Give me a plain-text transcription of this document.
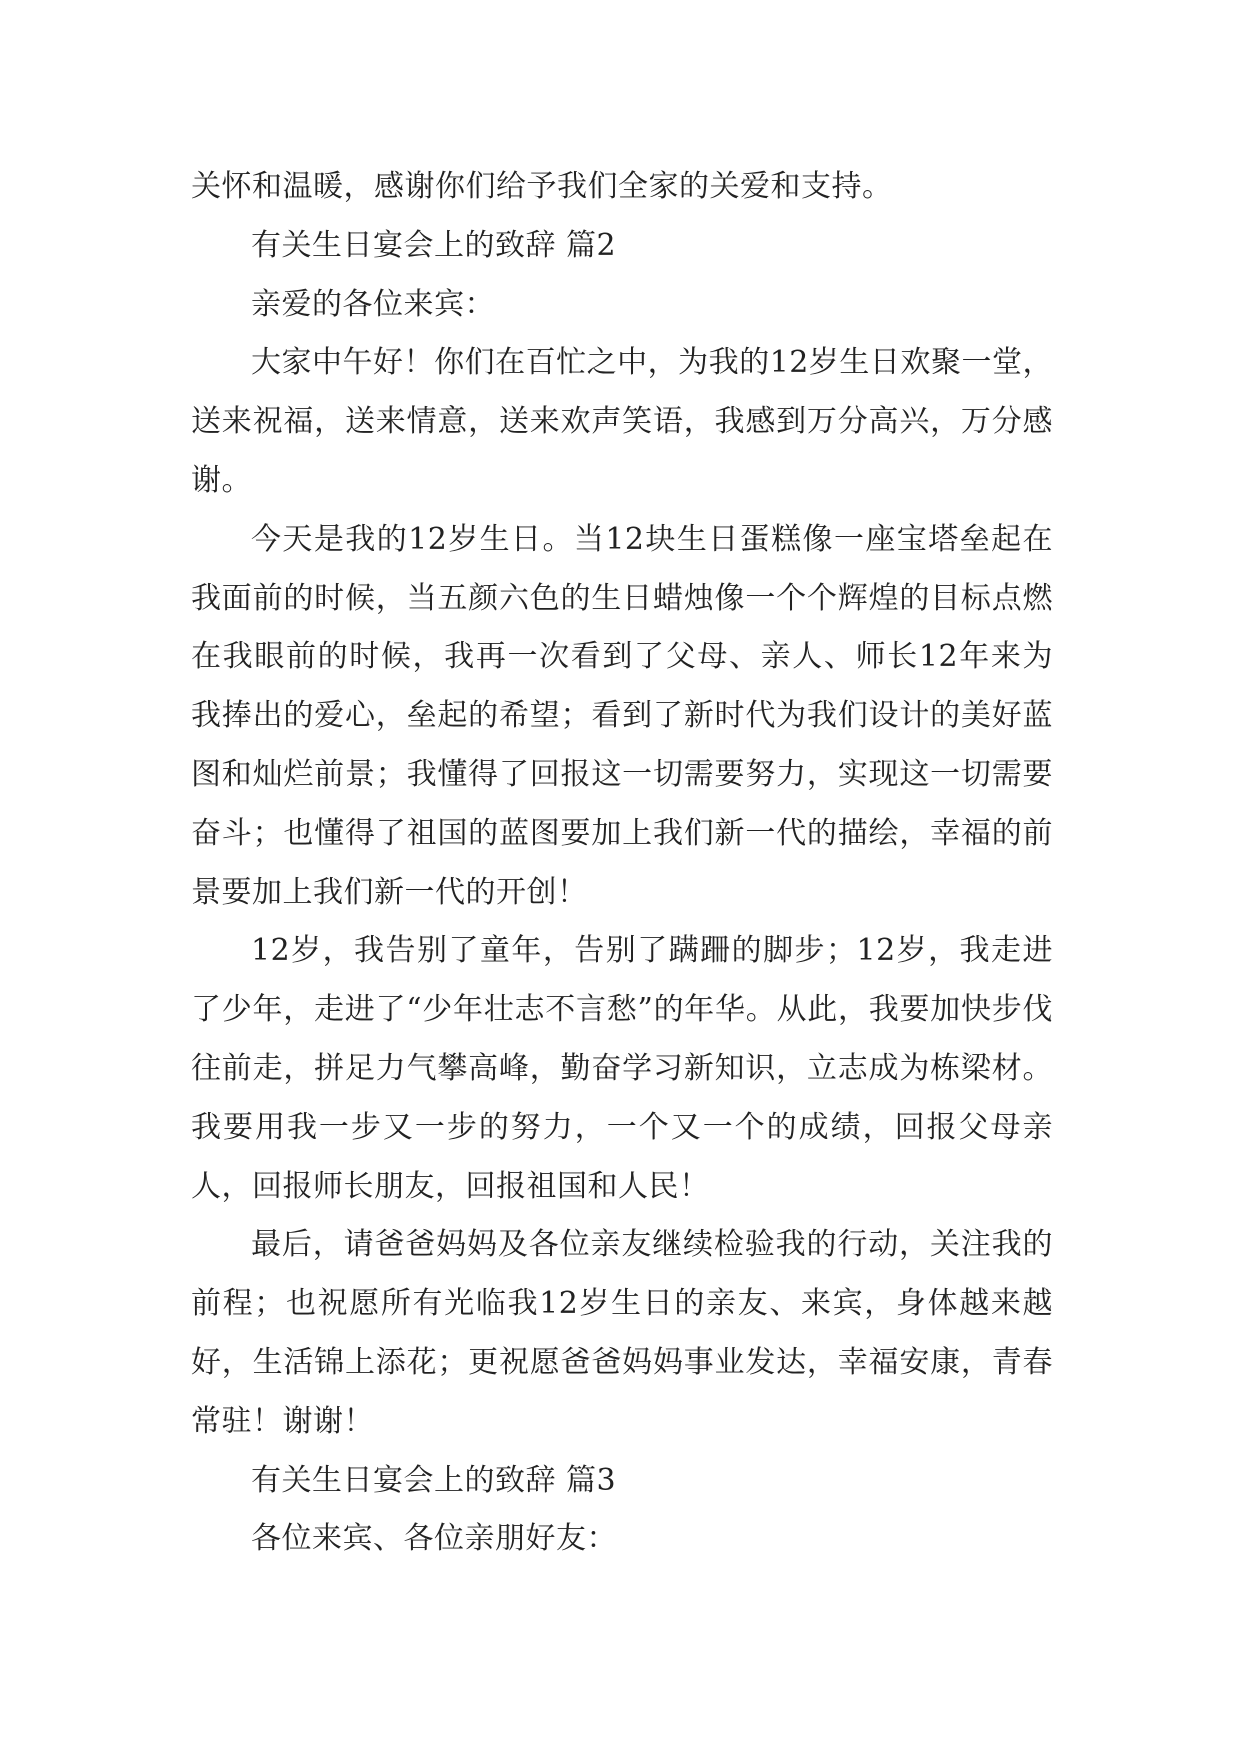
关怀和温暖，感谢你们给予我们全家的关爱和支持。

有关生日宴会上的致辞 篇2

亲爱的各位来宾：

大家中午好！你们在百忙之中，为我的12岁生日欢聚一堂，送来祝福，送来情意，送来欢声笑语，我感到万分高兴，万分感谢。

今天是我的12岁生日。当12块生日蛋糕像一座宝塔垒起在我面前的时候，当五颜六色的生日蜡烛像一个个辉煌的目标点燃在我眼前的时候，我再一次看到了父母、亲人、师长12年来为我捧出的爱心，垒起的希望；看到了新时代为我们设计的美好蓝图和灿烂前景；我懂得了回报这一切需要努力，实现这一切需要奋斗；也懂得了祖国的蓝图要加上我们新一代的描绘，幸福的前景要加上我们新一代的开创！

12岁，我告别了童年，告别了蹒跚的脚步；12岁，我走进了少年，走进了“少年壮志不言愁”的年华。从此，我要加快步伐往前走，拼足力气攀高峰，勤奋学习新知识，立志成为栋梁材。我要用我一步又一步的努力，一个又一个的成绩，回报父母亲人，回报师长朋友，回报祖国和人民！

最后，请爸爸妈妈及各位亲友继续检验我的行动，关注我的前程；也祝愿所有光临我12岁生日的亲友、来宾，身体越来越好，生活锦上添花；更祝愿爸爸妈妈事业发达，幸福安康，青春常驻！谢谢！

有关生日宴会上的致辞 篇3

各位来宾、各位亲朋好友：
